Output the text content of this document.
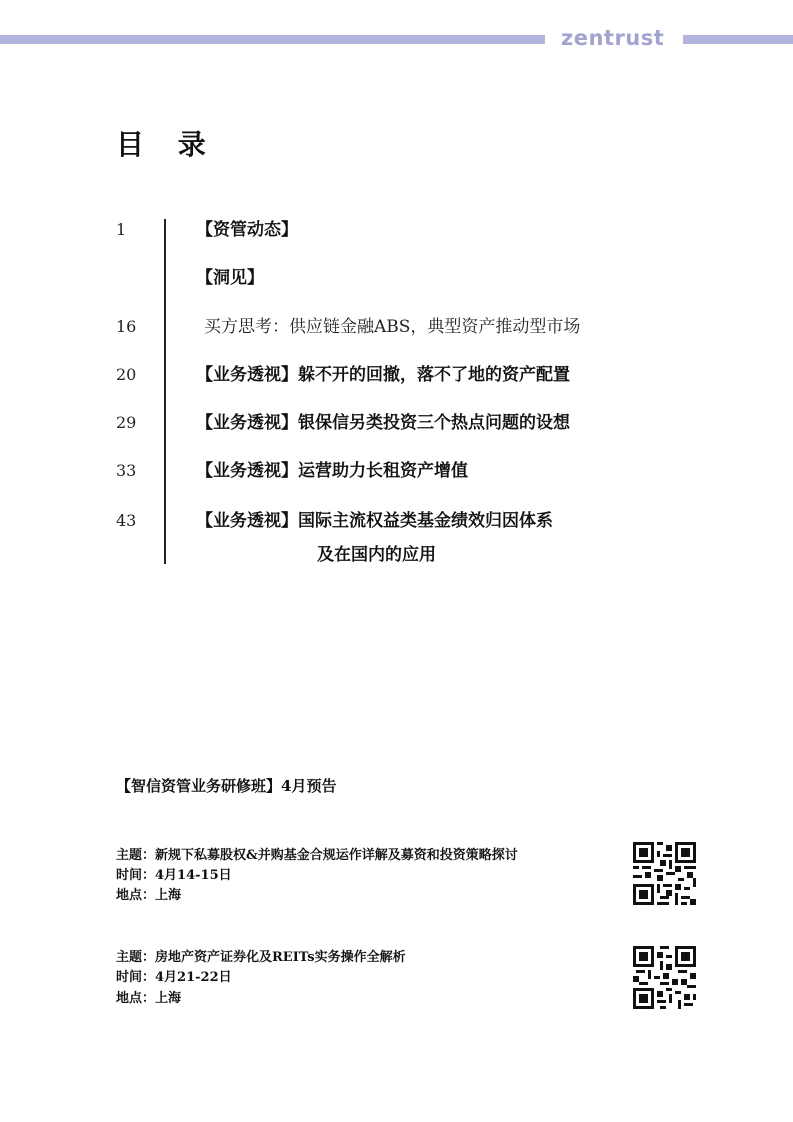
zentrust
目 录
1	【资管动态】
【洞见】
16	买方思考：供应链金融ABS，典型资产推动型市场
20	【业务透视】躲不开的回撤，落不了地的资产配置
29	【业务透视】银保信另类投资三个热点问题的设想
33	【业务透视】运营助力长租资产增值
43	【业务透视】国际主流权益类基金绩效归因体系
及在国内的应用
【智信资管业务研修班】4月预告
主题：新规下私募股权&并购基金合规运作详解及募资和投资策略探讨
时间：4月14-15日
地点：上海
主题：房地产资产证券化及REITs实务操作全解析
时间：4月21-22日
地点：上海
